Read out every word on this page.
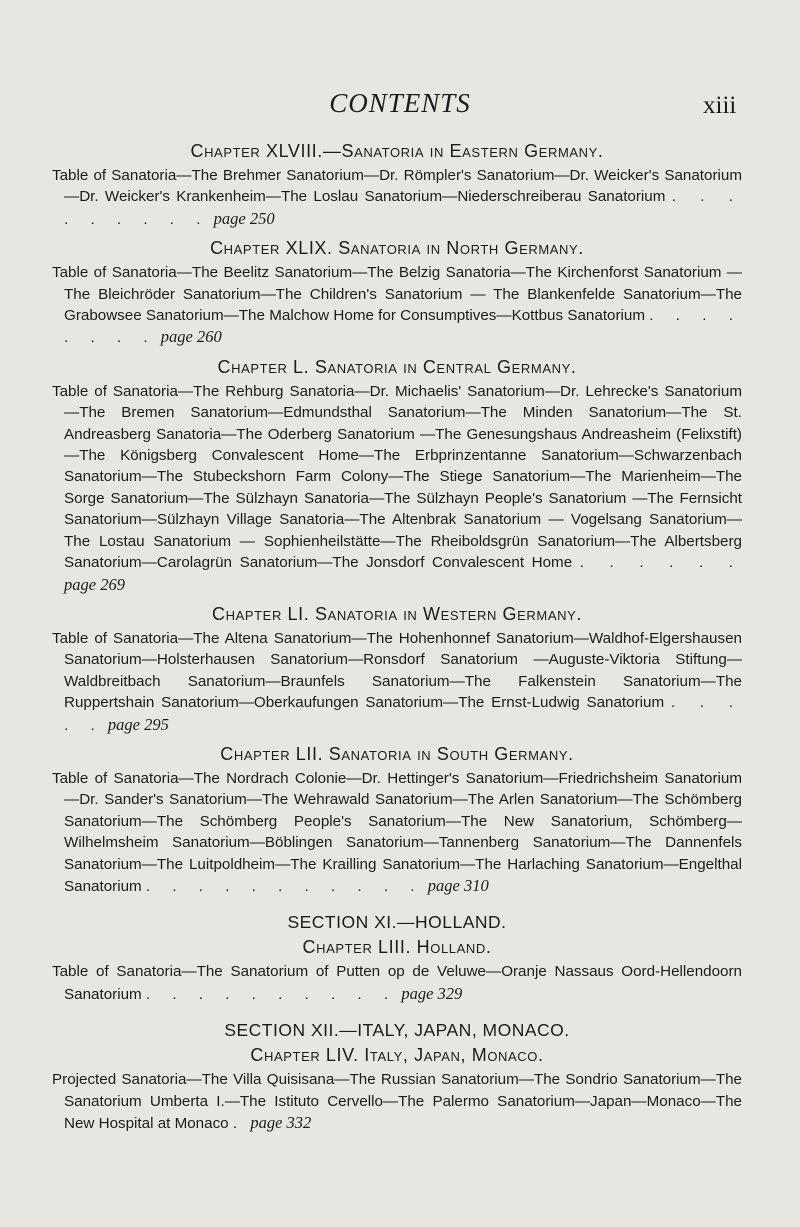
CONTENTS	xiii
Chapter XLVIII.—Sanatoria in Eastern Germany.

Table of Sanatoria—The Brehmer Sanatorium—Dr. Römpler's Sanatorium—Dr. Weicker's Sanatorium—Dr. Weicker's Krankenheim—The Loslau Sanatorium—Niederschreiberau Sanatorium . . . . . . . . . page 250

Chapter XLIX. Sanatoria in North Germany.

Table of Sanatoria—The Beelitz Sanatorium—The Belzig Sanatoria—The Kirchenforst Sanatorium — The Bleichröder Sanatorium—The Children's Sanatorium — The Blankenfelde Sanatorium—The Grabowsee Sanatorium—The Malchow Home for Consumptives—Kottbus Sanatorium . . . . . . . . page 260

Chapter L. Sanatoria in Central Germany.

Table of Sanatoria—The Rehburg Sanatoria—Dr. Michaelis' Sanatorium—Dr. Lehrecke's Sanatorium—The Bremen Sanatorium—Edmundsthal Sanatorium—The Minden Sanatorium—The St. Andreasberg Sanatoria—The Oderberg Sanatorium —The Genesungshaus Andreasheim (Felixstift)—The Königsberg Convalescent Home—The Erbprinzentanne Sanatorium—Schwarzenbach Sanatorium—The Stubeckshorn Farm Colony—The Stiege Sanatorium—The Marienheim—The Sorge Sanatorium—The Sülzhayn Sanatoria—The Sülzhayn People's Sanatorium —The Fernsicht Sanatorium—Sülzhayn Village Sanatoria—The Altenbrak Sanatorium — Vogelsang Sanatorium—The Lostau Sanatorium — Sophienheilstätte—The Rheiboldsgrün Sanatorium—The Albertsberg Sanatorium—Carolagrün Sanatorium—The Jonsdorf Convalescent Home . . . . . . page 269

Chapter LI. Sanatoria in Western Germany.

Table of Sanatoria—The Altena Sanatorium—The Hohenhonnef Sanatorium—Waldhof-Elgershausen Sanatorium—Holsterhausen Sanatorium—Ronsdorf Sanatorium —Auguste-Viktoria Stiftung—Waldbreitbach Sanatorium—Braunfels Sanatorium—The Falkenstein Sanatorium—The Ruppertshain Sanatorium—Oberkaufungen Sanatorium—The Ernst-Ludwig Sanatorium . . . . . page 295

Chapter LII. Sanatoria in South Germany.

Table of Sanatoria—The Nordrach Colonie—Dr. Hettinger's Sanatorium—Friedrichsheim Sanatorium—Dr. Sander's Sanatorium—The Wehrawald Sanatorium—The Arlen Sanatorium—The Schömberg Sanatorium—The Schömberg People's Sanatorium—The New Sanatorium, Schömberg—Wilhelmsheim Sanatorium—Böblingen Sanatorium—Tannenberg Sanatorium—The Dannenfels Sanatorium—The Luitpoldheim—The Krailling Sanatorium—The Harlaching Sanatorium—Engelthal Sanatorium . . . . . . . . . . . page 310

SECTION XI.—HOLLAND.
Chapter LIII. Holland.

Table of Sanatoria—The Sanatorium of Putten op de Veluwe—Oranje Nassaus Oord-Hellendoorn Sanatorium . . . . . . . . . . page 329

SECTION XII.—ITALY, JAPAN, MONACO.
Chapter LIV. Italy, Japan, Monaco.

Projected Sanatoria—The Villa Quisisana—The Russian Sanatorium—The Sondrio Sanatorium—The Sanatorium Umberta I.—The Istituto Cervello—The Palermo Sanatorium—Japan—Monaco—The New Hospital at Monaco . page 332
